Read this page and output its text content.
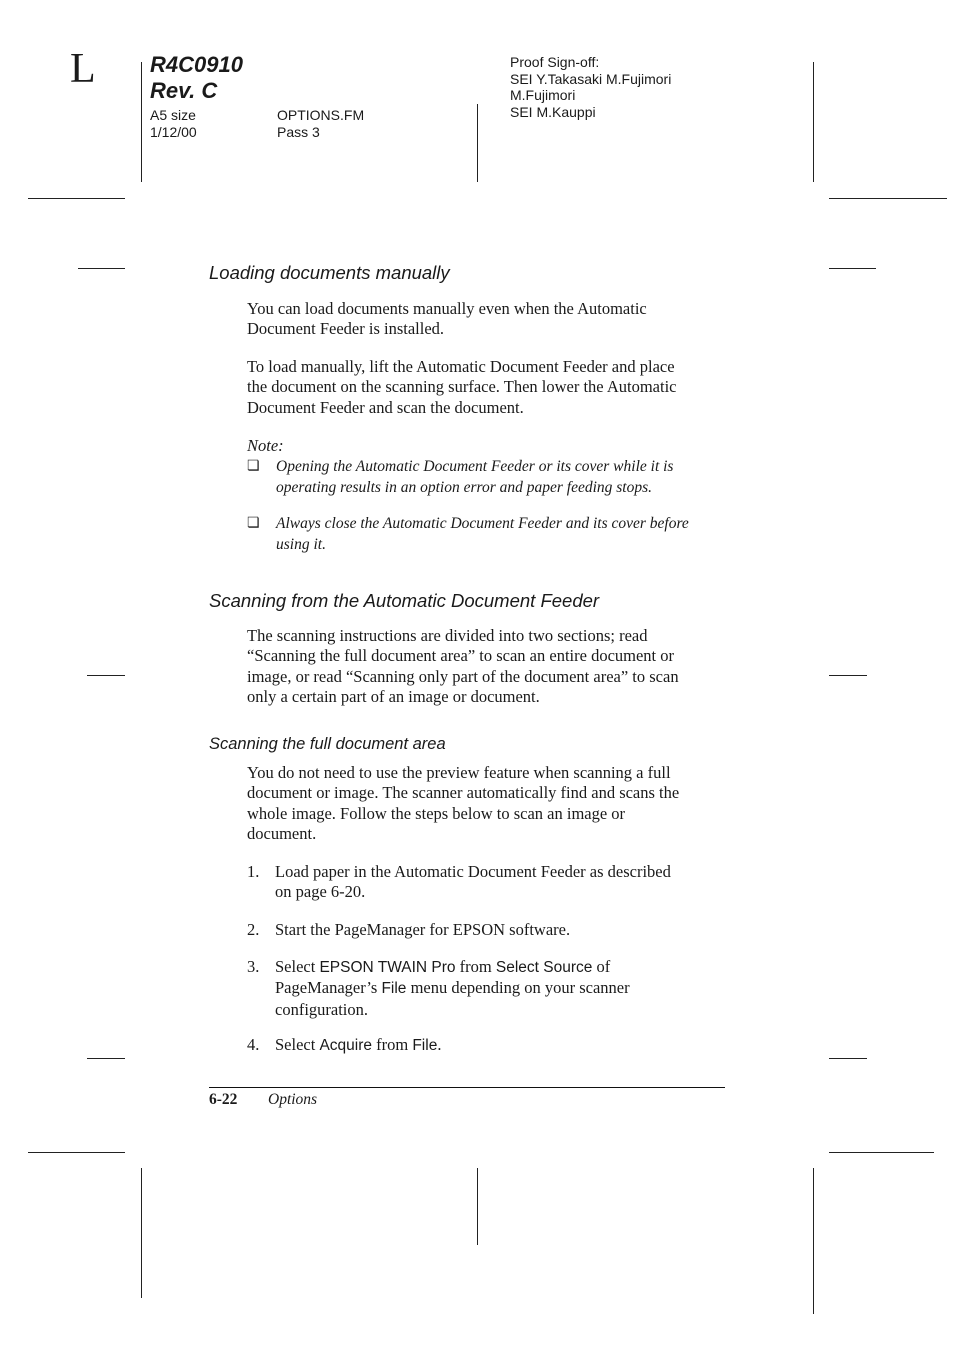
L R4C0910
Rev. C
A5 size
1/12/00
OPTIONS.FM
Pass 3
Proof Sign-off:
SEI Y.Takasaki M.Fujimori
M.Fujimori
SEI M.Kauppi
Loading documents manually
You can load documents manually even when the Automatic
Document Feeder is installed.
To load manually, lift the Automatic Document Feeder and place
the document on the scanning surface. Then lower the Automatic
Document Feeder and scan the document.
Note:
❏ Opening the Automatic Document Feeder or its cover while it is
operating results in an option error and paper feeding stops.
❏ Always close the Automatic Document Feeder and its cover before
using it.
Scanning from the Automatic Document Feeder
The scanning instructions are divided into two sections; read
“Scanning the full document area” to scan an entire document or
image, or read “Scanning only part of the document area” to scan
only a certain part of an image or document.
Scanning the full document area
You do not need to use the preview feature when scanning a full
document or image. The scanner automatically find and scans the
whole image. Follow the steps below to scan an image or
document.
1. Load paper in the Automatic Document Feeder as described
on page 6-20.
2. Start the PageManager for EPSON software.
3. Select EPSON TWAIN Pro from Select Source of
PageManager’s File menu depending on your scanner
configuration.
4. Select Acquire from File.
6-22 Options
